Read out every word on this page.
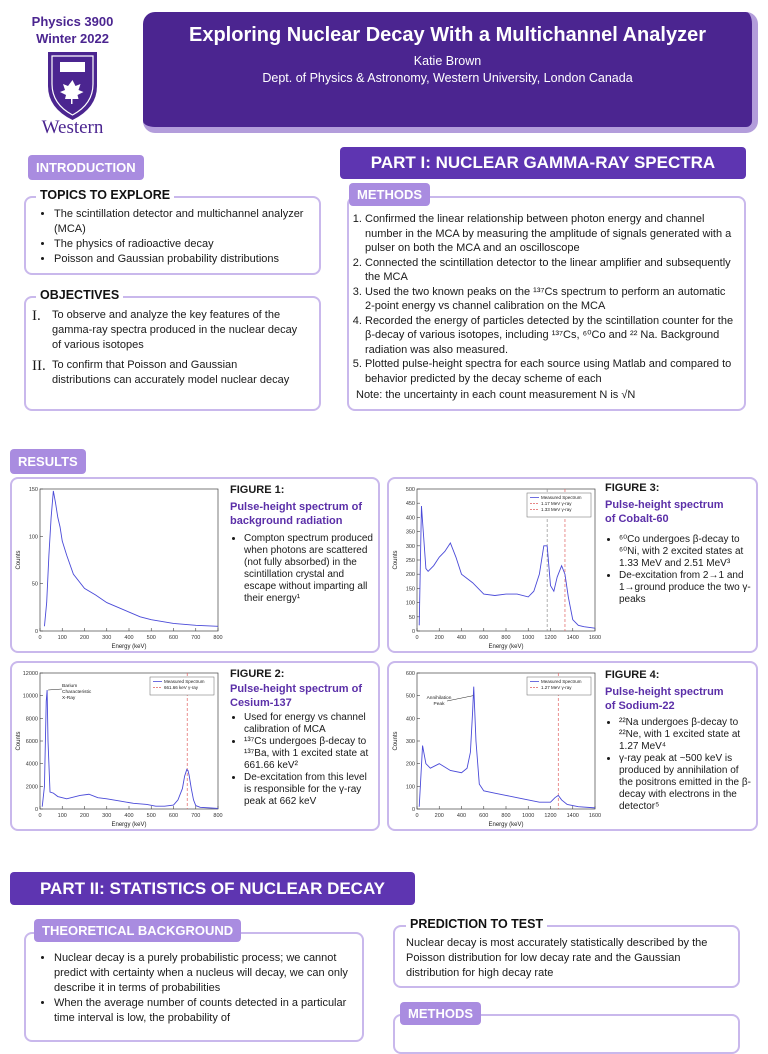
Physics 3900
Winter 2022
Western
Exploring Nuclear Decay With a Multichannel Analyzer
Katie Brown
Dept. of Physics & Astronomy, Western University, London Canada
INTRODUCTION
TOPICS TO EXPLORE
• The scintillation detector and multichannel analyzer (MCA)
• The physics of radioactive decay
• Poisson and Gaussian probability distributions
OBJECTIVES
I.	To observe and analyze the key features of the gamma-ray spectra produced in the nuclear decay of various isotopes
II. To confirm that Poisson and Gaussian distributions can accurately model nuclear decay
PART I: NUCLEAR GAMMA-RAY SPECTRA
METHODS
1. Confirmed the linear relationship between photon energy and channel number in the MCA by measuring the amplitude of signals generated with a pulser on both the MCA and an oscilloscope
2. Connected the scintillation detector to the linear amplifier and subsequently the MCA
3. Used the two known peaks on the ¹³⁷Cs spectrum to perform an automatic 2-point energy vs channel calibration on the MCA
4. Recorded the energy of particles detected by the scintillation counter for the β-decay of various isotopes, including ¹³⁷Cs, ⁶⁰Co and ²² Na. Background radiation was also measured.
5. Plotted pulse-height spectra for each source using Matlab and compared to behavior predicted by the decay scheme of each
Note: the uncertainty in each count measurement N is √N
RESULTS
0	100 200 300 400 500 600 700 800
0
50
100
150
Energy (keV)
Counts
0	100 200 300 400 500 600 700 800
0
2000
4000
6000
8000
10000
12000
Energy (keV)
Counts
Measured Spectrum
661.66 keV γ-ray
Barium
Characteristic
X-Ray
0	200 400 600 800 1000 1200 1400 1600
0
50
100
150
200
250
300
350
400
450
500
Energy (keV)
Counts
Measured Spectrum
1.17 MeV γ-ray
1.33 MeV γ-ray
0	200 400 600 800 1000 1200 1400 1600
0
100
200
300
400
500
600
Energy (keV)
Counts
Measured Spectrum
1.27 MeV γ-ray
Annihilation
Peak
FIGURE 1:
Pulse-height spectrum of background radiation
• Compton spectrum produced when photons are scattered (not fully absorbed) in the scintillation crystal and escape without imparting all their energy¹
FIGURE 2:
Pulse-height spectrum of Cesium-137
• Used for energy vs channel calibration of MCA
• ¹³⁷Cs undergoes β-decay to ¹³⁷Ba, with 1 excited state at 661.66 keV²
• De-excitation from this level is responsible for the γ-ray peak at 662 keV
FIGURE 3:
Pulse-height spectrum of Cobalt-60
• ⁶⁰Co undergoes β-decay to ⁶⁰Ni, with 2 excited states at 1.33 MeV and 2.51 MeV³
• De-excitation from 2→1 and 1→ground produce the two γ-peaks
FIGURE 4:
Pulse-height spectrum of Sodium-22
• ²²Na undergoes β-decay to ²²Ne, with 1 excited state at 1.27 MeV⁴
• γ-ray peak at ~500 keV is produced by annihilation of the positrons emitted in the β-decay with electrons in the detector⁵
PART II: STATISTICS OF NUCLEAR DECAY
THEORETICAL BACKGROUND
• Nuclear decay is a purely probabilistic process; we cannot predict with certainty when a nucleus will decay, we can only describe it in terms of probabilities
• When the average number of counts detected in a particular time interval is low, the probability of
PREDICTION TO TEST
Nuclear decay is most accurately statistically described by the Poisson distribution for low decay rate and the Gaussian distribution for high decay rate
METHODS
